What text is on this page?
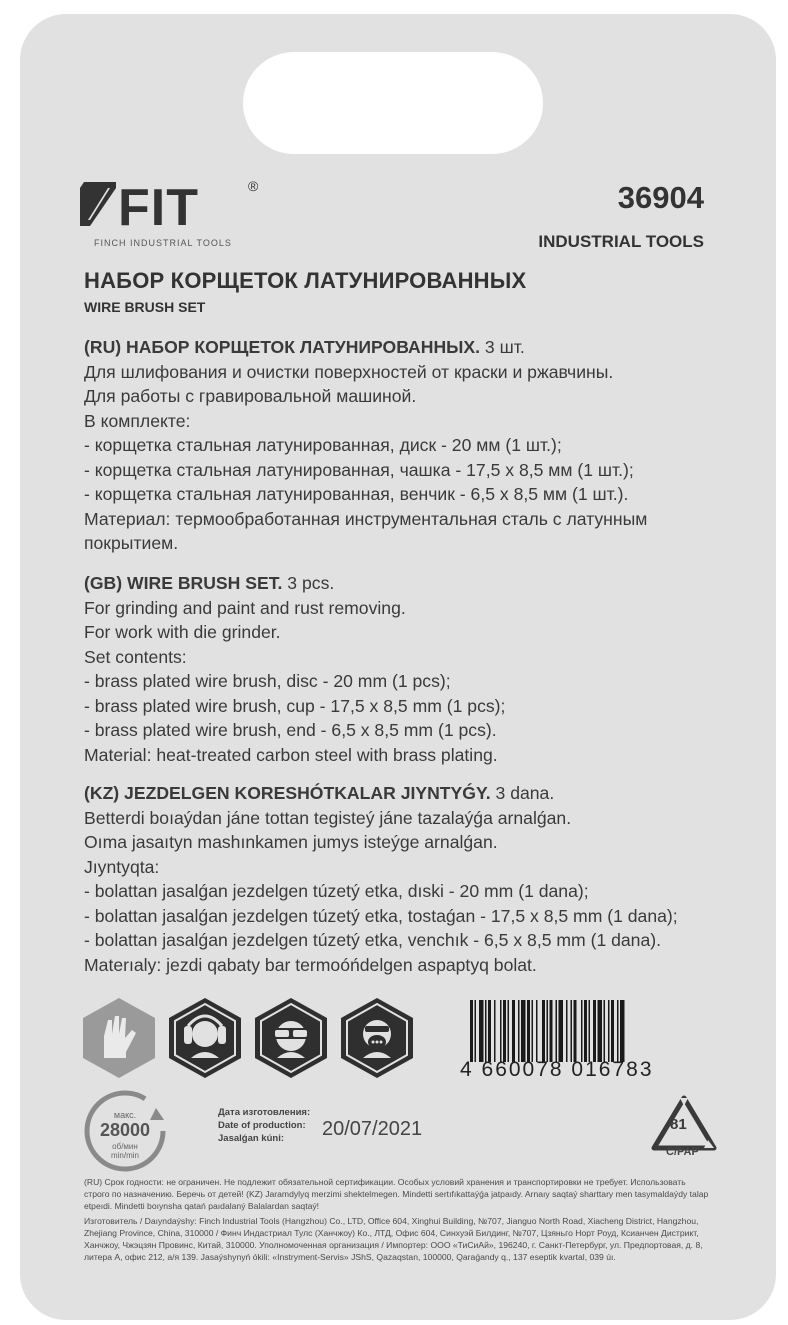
FIT	®
FINCH INDUSTRIAL TOOLS
36904
INDUSTRIAL TOOLS
НАБОР КОРЩЕТОК ЛАТУНИРОВАННЫХ
WIRE BRUSH SET
(RU) НАБОР КОРЩЕТОК ЛАТУНИРОВАННЫХ. 3 шт.
Для шлифования и очистки поверхностей от краски и ржавчины.
Для работы с гравировальной машиной.
В комплекте:
- корщетка стальная латунированная, диск - 20 мм (1 шт.);
- корщетка стальная латунированная, чашка - 17,5 х 8,5 мм (1 шт.);
- корщетка стальная латунированная, венчик - 6,5 х 8,5 мм (1 шт.).
Материал: термообработанная инструментальная сталь с латунным
покрытием.
(GB) WIRE BRUSH SET. 3 pcs.
For grinding and paint and rust removing.
For work with die grinder.
Set contents:
- brass plated wire brush, disc - 20 mm (1 pcs);
- brass plated wire brush, cup - 17,5 x 8,5 mm (1 pcs);
- brass plated wire brush, end - 6,5 x 8,5 mm (1 pcs).
Material: heat-treated carbon steel with brass plating.
(KZ) JEZDELGEN KORESHÓTKALAR JIYNTYǴY. 3 dana.
Betterdi boıaýdan jáne tottan tegisteý jáne tazalaýǵa arnalǵan.
Oıma jasaıtyn mashınkamen jumys isteýge arnalǵan.
Jıyntyqta:
- bolattan jasalǵan jezdelgen túzetý etka, dıski - 20 mm (1 dana);
- bolattan jasalǵan jezdelgen túzetý etka, tostaǵan - 17,5 x 8,5 mm (1 dana);
- bolattan jasalǵan jezdelgen túzetý etka, venchık - 6,5 x 8,5 mm (1 dana).
Materıaly: jezdi qabaty bar termoóńdelgen aspaptyq bolat.
4 660078 016783
макс.
28000
об/мин
min/min
Дата изготовления:
Date of production:
Jasalǵan kúni:	20/07/2021	81
C/PAP
(RU) Срок годности: не ограничен. Не подлежит обязательной сертификации. Особых условий хранения и транспортировки не требует. Использовать строго по назначению. Беречь от детей! (KZ) Jaramdylyq merzimi shektelmegen. Mindetti sertıfıkattaýǵa jatpaıdy. Arnaıy saqtaý sharttary men tasymaldaýdy talap etpeıdi. Mindetti boıynsha qatań paıdalaný Balalardan saqtaý!
Изготовитель / Daıyndaýshy: Finch Industrial Tools (Hangzhou) Co., LTD, Office 604, Xinghui Building, №707, Jianguo North Road, Xiacheng District, Hangzhou, Zhejiang Province, China, 310000 / Финч Индастриал Тулс (Ханчжоу) Ко., ЛТД, Офис 604, Синхуэй Билдинг, №707, Цзяньго Норт Роуд, Ксианчен Дистрикт, Ханчжоу, Чжэцзян Провинс, Китай, 310000. Уполномоченная организация / Импортер: ООО «ТиСиАй», 196240, г. Санкт-Петербург, ул. Предпортовая, д. 8, литера А, офис 212, а/я 139. Jasaýshynyń ókili: «Instryment-Servis» JShS, Qazaqstan, 100000, Qaraǵandy q., 137 esеptik kvartal, 039 úı.
